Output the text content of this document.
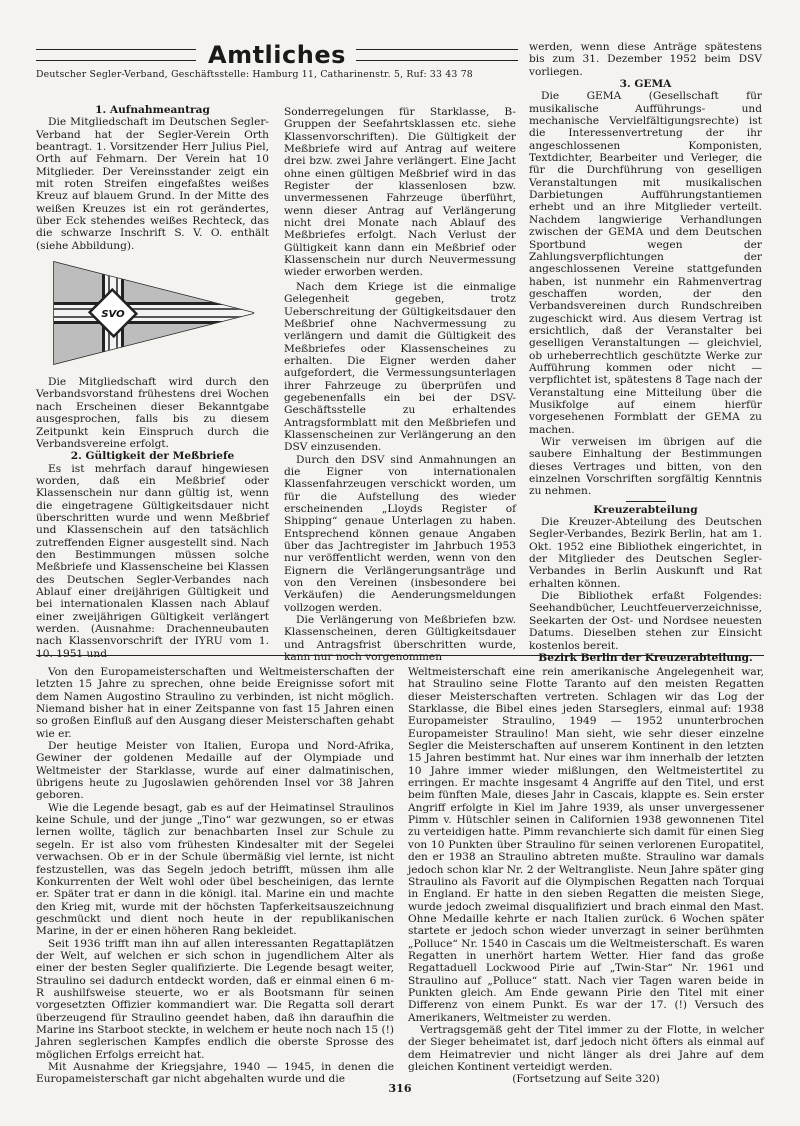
Amtliches
Deutscher Segler-Verband, Geschäftsstelle: Hamburg 11, Catharinenstr. 5, Ruf: 33 43 78

1. Aufnahmeantrag

Die Mitgliedschaft im Deutschen Segler-Verband hat der Segler-Verein Orth beantragt. 1. Vorsitzender Herr Julius Piel, Orth auf Fehmarn. Der Verein hat 10 Mitglieder. Der Vereinsstander zeigt ein mit roten Streifen eingefaßtes weißes Kreuz auf blauem Grund. In der Mitte des weißen Kreuzes ist ein rot gerändertes, über Eck stehendes weißes Rechteck, das die schwarze Inschrift S. V. O. enthält (siehe Abbildung).

SVO

Die Mitgliedschaft wird durch den Verbandsvorstand frühestens drei Wochen nach Erscheinen dieser Bekanntgabe ausgesprochen, falls bis zu diesem Zeitpunkt kein Einspruch durch die Verbandsvereine erfolgt.

2. Gültigkeit der Meßbriefe

Es ist mehrfach darauf hingewiesen worden, daß ein Meßbrief oder Klassenschein nur dann gültig ist, wenn die eingetragene Gültigkeitsdauer nicht überschritten wurde und wenn Meßbrief und Klassenschein auf den tatsächlich zutreffenden Eigner ausgestellt sind. Nach den Bestimmungen müssen solche Meßbriefe und Klassenscheine bei Klassen des Deutschen Segler-Verbandes nach Ablauf einer dreijährigen Gültigkeit und bei internationalen Klassen nach Ablauf einer zweijährigen Gültigkeit verlängert werden. (Ausnahme: Drachenneubauten nach Klassenvorschrift der IYRU vom 1. 10. 1951 und

Sonderregelungen für Starklasse, B-Gruppen der Seefahrtsklassen etc. siehe Klassenvorschriften). Die Gültigkeit der Meßbriefe wird auf Antrag auf weitere drei bzw. zwei Jahre verlängert. Eine Jacht ohne einen gültigen Meßbrief wird in das Register der klassenlosen bzw. unvermessenen Fahrzeuge überführt, wenn dieser Antrag auf Verlängerung nicht drei Monate nach Ablauf des Meßbriefes erfolgt. Nach Verlust der Gültigkeit kann dann ein Meßbrief oder Klassenschein nur durch Neuvermessung wieder erworben werden.

Nach dem Kriege ist die einmalige Gelegenheit gegeben, trotz Ueberschreitung der Gültigkeitsdauer den Meßbrief ohne Nachvermessung zu verlängern und damit die Gültigkeit des Meßbriefes oder Klassenscheines zu erhalten. Die Eigner werden daher aufgefordert, die Vermessungsunterlagen ihrer Fahrzeuge zu überprüfen und gegebenenfalls ein bei der DSV-Geschäftsstelle zu erhaltendes Antragsformblatt mit den Meßbriefen und Klassenscheinen zur Verlängerung an den DSV einzusenden.

Durch den DSV sind Anmahnungen an die Eigner von internationalen Klassenfahrzeugen verschickt worden, um für die Aufstellung des wieder erscheinenden „Lloyds Register of Shipping“ genaue Unterlagen zu haben. Entsprechend können genaue Angaben über das Jachtregister im Jahrbuch 1953 nur veröffentlicht werden, wenn von den Eignern die Verlängerungsanträge und von den Vereinen (insbesondere bei Verkäufen) die Aenderungsmeldungen vollzogen werden.

Die Verlängerung von Meßbriefen bzw. Klassenscheinen, deren Gültigkeitsdauer und Antragsfrist überschritten wurde, kann nur noch vorgenommen

werden, wenn diese Anträge spätestens bis zum 31. Dezember 1952 beim DSV vorliegen.

3. GEMA

Die GEMA (Gesellschaft für musikalische Aufführungs- und mechanische Vervielfältigungsrechte) ist die Interessenvertretung der ihr angeschlossenen Komponisten, Textdichter, Bearbeiter und Verleger, die für die Durchführung von geselligen Veranstaltungen mit musikalischen Darbietungen Aufführungstantiemen erhebt und an ihre Mitglieder verteilt. Nachdem langwierige Verhandlungen zwischen der GEMA und dem Deutschen Sportbund wegen der Zahlungsverpflichtungen der angeschlossenen Vereine stattgefunden haben, ist nunmehr ein Rahmenvertrag geschaffen worden, der den Verbandsvereinen durch Rundschreiben zugeschickt wird. Aus diesem Vertrag ist ersichtlich, daß der Veranstalter bei geselligen Veranstaltungen — gleichviel, ob urheberrechtlich geschützte Werke zur Aufführung kommen oder nicht — verpflichtet ist, spätestens 8 Tage nach der Veranstaltung eine Mitteilung über die Musikfolge auf einem hierfür vorgesehenen Formblatt der GEMA zu machen.

Wir verweisen im übrigen auf die saubere Einhaltung der Bestimmungen dieses Vertrages und bitten, von den einzelnen Vorschriften sorgfältig Kenntnis zu nehmen.

Kreuzerabteilung

Die Kreuzer-Abteilung des Deutschen Segler-Verbandes, Bezirk Berlin, hat am 1. Okt. 1952 eine Bibliothek eingerichtet, in der Mitglieder des Deutschen Segler-Verbandes in Berlin Auskunft und Rat erhalten können.

Die Bibliothek erfaßt Folgendes: Seehandbücher, Leuchtfeuerverzeichnisse, Seekarten der Ost- und Nordsee neuesten Datums. Dieselben stehen zur Einsicht kostenlos bereit.

Bezirk Berlin der Kreuzerabteilung.

Von den Europameisterschaften und Weltmeisterschaften der letzten 15 Jahre zu sprechen, ohne beide Ereignisse sofort mit dem Namen Augostino Straulino zu verbinden, ist nicht möglich. Niemand bisher hat in einer Zeitspanne von fast 15 Jahren einen so großen Einfluß auf den Ausgang dieser Meisterschaften gehabt wie er.

Der heutige Meister von Italien, Europa und Nord-Afrika, Gewiner der goldenen Medaille auf der Olympiade und Weltmeister der Starklasse, wurde auf einer dalmatinischen, übrigens heute zu Jugoslawien gehörenden Insel vor 38 Jahren geboren.

Wie die Legende besagt, gab es auf der Heimatinsel Straulinos keine Schule, und der junge „Tino“ war gezwungen, so er etwas lernen wollte, täglich zur benachbarten Insel zur Schule zu segeln. Er ist also vom frühesten Kindesalter mit der Segelei verwachsen. Ob er in der Schule übermäßig viel lernte, ist nicht festzustellen, was das Segeln jedoch betrifft, müssen ihm alle Konkurrenten der Welt wohl oder übel bescheinigen, das lernte er. Später trat er dann in die königl. ital. Marine ein und machte den Krieg mit, wurde mit der höchsten Tapferkeitsauszeichnung geschmückt und dient noch heute in der republikanischen Marine, in der er einen höheren Rang bekleidet.

Seit 1936 trifft man ihn auf allen interessanten Regattaplätzen der Welt, auf welchen er sich schon in jugendlichem Alter als einer der besten Segler qualifizierte. Die Legende besagt weiter, Straulino sei dadurch entdeckt worden, daß er einmal einen 6 m-R aushilfsweise steuerte, wo er als Bootsmann für seinen vorgesetzten Offizier kommandiert war. Die Regatta soll derart überzeugend für Straulino geendet haben, daß ihn daraufhin die Marine ins Starboot steckte, in welchem er heute noch nach 15 (!) Jahren seglerischen Kampfes endlich die oberste Sprosse des möglichen Erfolgs erreicht hat.

Mit Ausnahme der Kriegsjahre, 1940 — 1945, in denen die Europameisterschaft gar nicht abgehalten wurde und die

Weltmeisterschaft eine rein amerikanische Angelegenheit war, hat Straulino seine Flotte Taranto auf den meisten Regatten dieser Meisterschaften vertreten. Schlagen wir das Log der Starklasse, die Bibel eines jeden Starseglers, einmal auf: 1938 Europameister Straulino, 1949 — 1952 ununterbrochen Europameister Straulino! Man sieht, wie sehr dieser einzelne Segler die Meisterschaften auf unserem Kontinent in den letzten 15 Jahren bestimmt hat. Nur eines war ihm innerhalb der letzten 10 Jahre immer wieder mißlungen, den Weltmeistertitel zu erringen. Er machte insgesamt 4 Angriffe auf den Titel, und erst beim fünften Male, dieses Jahr in Cascais, klappte es. Sein erster Angriff erfolgte in Kiel im Jahre 1939, als unser unvergessener Pimm v. Hütschler seinen in Californien 1938 gewonnenen Titel zu verteidigen hatte. Pimm revanchierte sich damit für einen Sieg von 10 Punkten über Straulino für seinen verlorenen Europatitel, den er 1938 an Straulino abtreten mußte. Straulino war damals jedoch schon klar Nr. 2 der Weltrangliste. Neun Jahre später ging Straulino als Favorit auf die Olympischen Regatten nach Torquai in England. Er hatte in den sieben Regatten die meisten Siege, wurde jedoch zweimal disqualifiziert und brach einmal den Mast. Ohne Medaille kehrte er nach Italien zurück. 6 Wochen später startete er jedoch schon wieder unverzagt in seiner berühmten „Polluce“ Nr. 1540 in Cascais um die Weltmeisterschaft. Es waren Regatten in unerhört hartem Wetter. Hier fand das große Regattaduell Lockwood Pirie auf „Twin-Star“ Nr. 1961 und Straulino auf „Polluce“ statt. Nach vier Tagen waren beide in Punkten gleich. Am Ende gewann Pirie den Titel mit einer Differenz von einem Punkt. Es war der 17. (!) Versuch des Amerikaners, Weltmeister zu werden.

Vertragsgemäß geht der Titel immer zu der Flotte, in welcher der Sieger beheimatet ist, darf jedoch nicht öfters als einmal auf dem Heimatrevier und nicht länger als drei Jahre auf dem gleichen Kontinent verteidigt werden.

(Fortsetzung auf Seite 320)

316
